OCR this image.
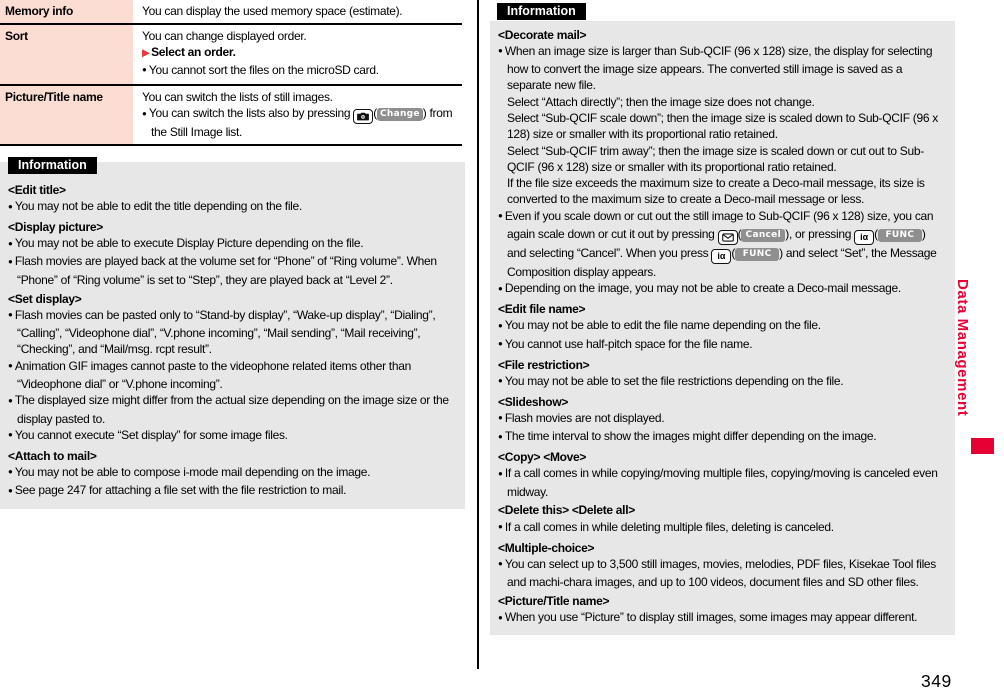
Memory info	You can display the used memory space (estimate).
Sort	You can change displayed order.
▶Select an order.
● You cannot sort the files on the microSD card.
Picture/Title name	You can switch the lists of still images.
● You can switch the lists also by pressing ( Change ) from the Still Image list.
Information
<Edit title>
● You may not be able to edit the title depending on the file.
<Display picture>
● You may not be able to execute Display Picture depending on the file.
● Flash movies are played back at the volume set for “Phone” of “Ring volume”. When “Phone” of “Ring volume” is set to “Step”, they are played back at “Level 2”.
<Set display>
● Flash movies can be pasted only to “Stand-by display”, “Wake-up display”, “Dialing”, “Calling”, “Videophone dial”, “V.phone incoming”, “Mail sending”, “Mail receiving”, “Checking”, and “Mail/msg. rcpt result”.
● Animation GIF images cannot paste to the videophone related items other than “Videophone dial” or “V.phone incoming”.
● The displayed size might differ from the actual size depending on the image size or the display pasted to.
● You cannot execute “Set display” for some image files.
<Attach to mail>
● You may not be able to compose i-mode mail depending on the image.
● See page 247 for attaching a file set with the file restriction to mail.
Information
<Decorate mail>
● When an image size is larger than Sub-QCIF (96 x 128) size, the display for selecting how to convert the image size appears. The converted still image is saved as a separate new file.
Select “Attach directly”; then the image size does not change.
Select “Sub-QCIF scale down”; then the image size is scaled down to Sub-QCIF (96 x 128) size or smaller with its proportional ratio retained.
Select “Sub-QCIF trim away”; then the image size is scaled down or cut out to Sub-QCIF (96 x 128) size or smaller with its proportional ratio retained.
If the file size exceeds the maximum size to create a Deco-mail message, its size is converted to the maximum size to create a Deco-mail message or less.
● Even if you scale down or cut out the still image to Sub-QCIF (96 x 128) size, you can again scale down or cut it out by pressing ( Cancel ), or pressing iα ( FUNC ) and selecting “Cancel”. When you press iα ( FUNC ) and select “Set”, the Message Composition display appears.
● Depending on the image, you may not be able to create a Deco-mail message.
<Edit file name>
● You may not be able to edit the file name depending on the file.
● You cannot use half-pitch space for the file name.
<File restriction>
● You may not be able to set the file restrictions depending on the file.
<Slideshow>
● Flash movies are not displayed.
● The time interval to show the images might differ depending on the image.
<Copy> <Move>
● If a call comes in while copying/moving multiple files, copying/moving is canceled even midway.
<Delete this> <Delete all>
● If a call comes in while deleting multiple files, deleting is canceled.
<Multiple-choice>
● You can select up to 3,500 still images, movies, melodies, PDF files, Kisekae Tool files and machi-chara images, and up to 100 videos, document files and SD other files.
<Picture/Title name>
● When you use “Picture” to display still images, some images may appear different.
Data Management
349
